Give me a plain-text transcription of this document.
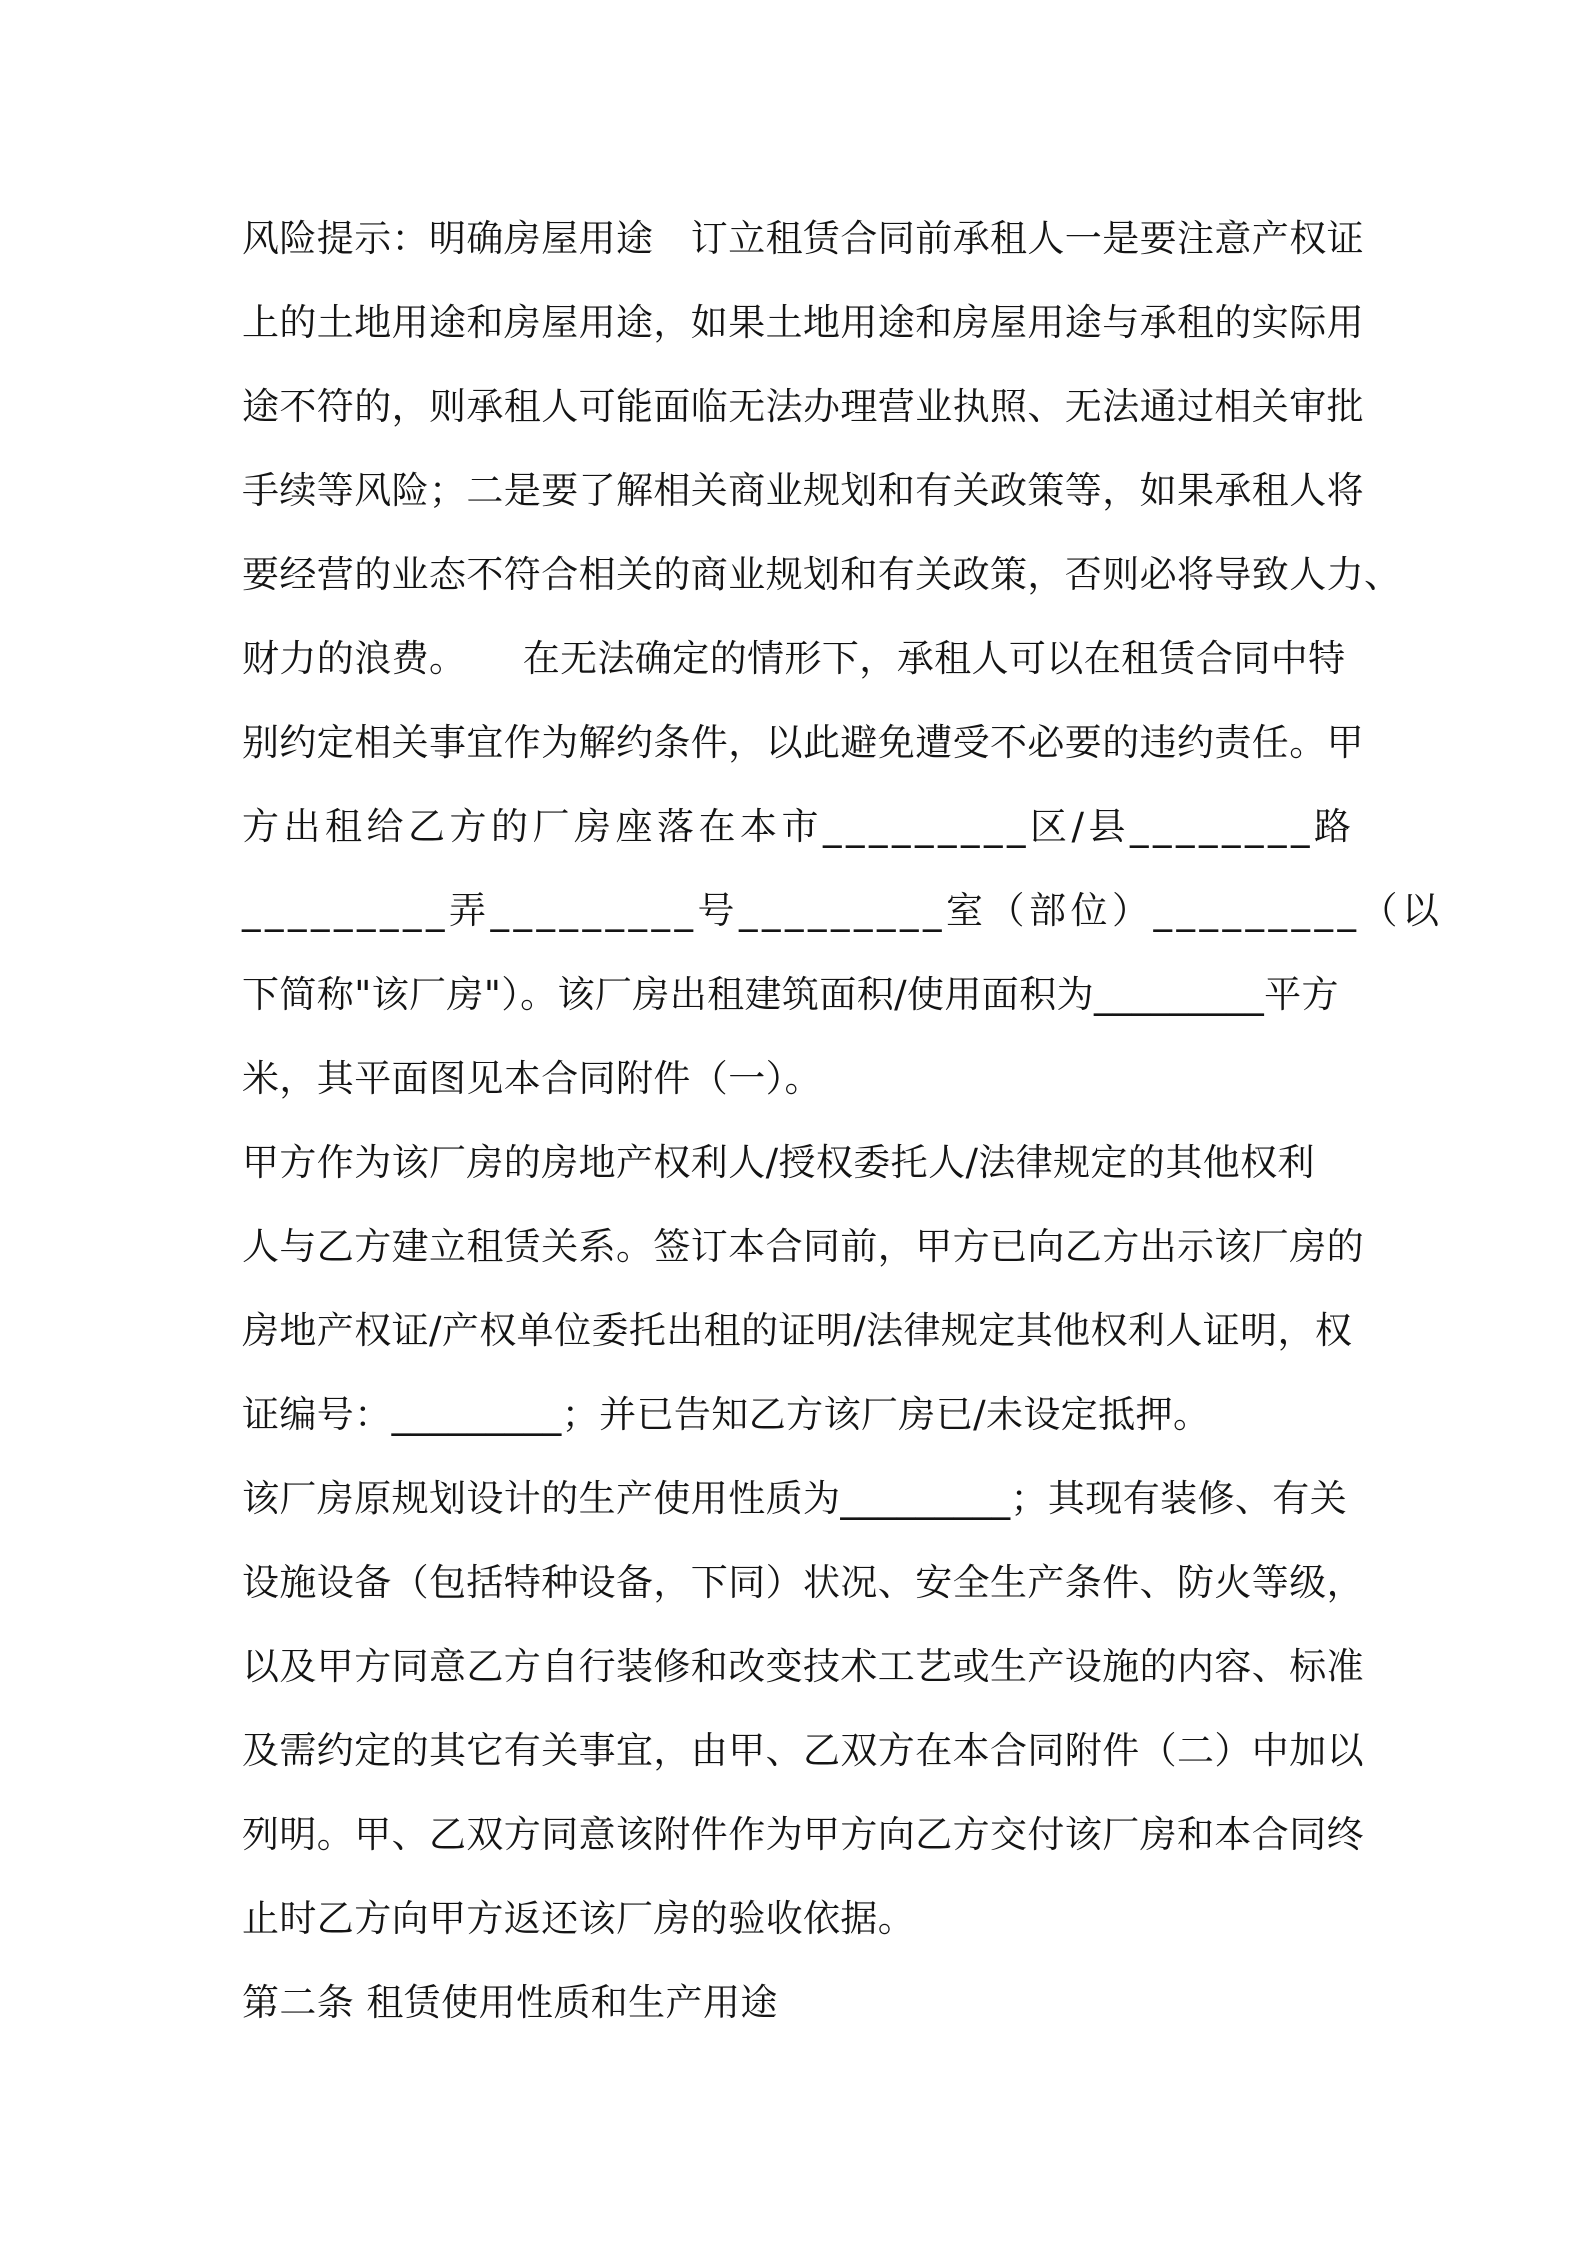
风险提示：明确房屋用途　订立租赁合同前承租人一是要注意产权证
上的土地用途和房屋用途，如果土地用途和房屋用途与承租的实际用
途不符的，则承租人可能面临无法办理营业执照、无法通过相关审批
手续等风险；二是要了解相关商业规划和有关政策等，如果承租人将
要经营的业态不符合相关的商业规划和有关政策，否则必将导致人力、
财力的浪费。　　在无法确定的情形下，承租人可以在租赁合同中特
别约定相关事宜作为解约条件，以此避免遭受不必要的违约责任。甲
方出租给乙方的厂房座落在本市_________区/县________路
_________弄_________号_________室（部位）_________（以
下简称"该厂房"）。该厂房出租建筑面积/使用面积为_________平方
米，其平面图见本合同附件（一）。
甲方作为该厂房的房地产权利人/授权委托人/法律规定的其他权利
人与乙方建立租赁关系。签订本合同前，甲方已向乙方出示该厂房的
房地产权证/产权单位委托出租的证明/法律规定其他权利人证明，权
证编号：_________；并已告知乙方该厂房已/未设定抵押。
该厂房原规划设计的生产使用性质为_________；其现有装修、有关
设施设备（包括特种设备，下同）状况、安全生产条件、防火等级，
以及甲方同意乙方自行装修和改变技术工艺或生产设施的内容、标准
及需约定的其它有关事宜，由甲、乙双方在本合同附件（二）中加以
列明。甲、乙双方同意该附件作为甲方向乙方交付该厂房和本合同终
止时乙方向甲方返还该厂房的验收依据。
第二条 租赁使用性质和生产用途
